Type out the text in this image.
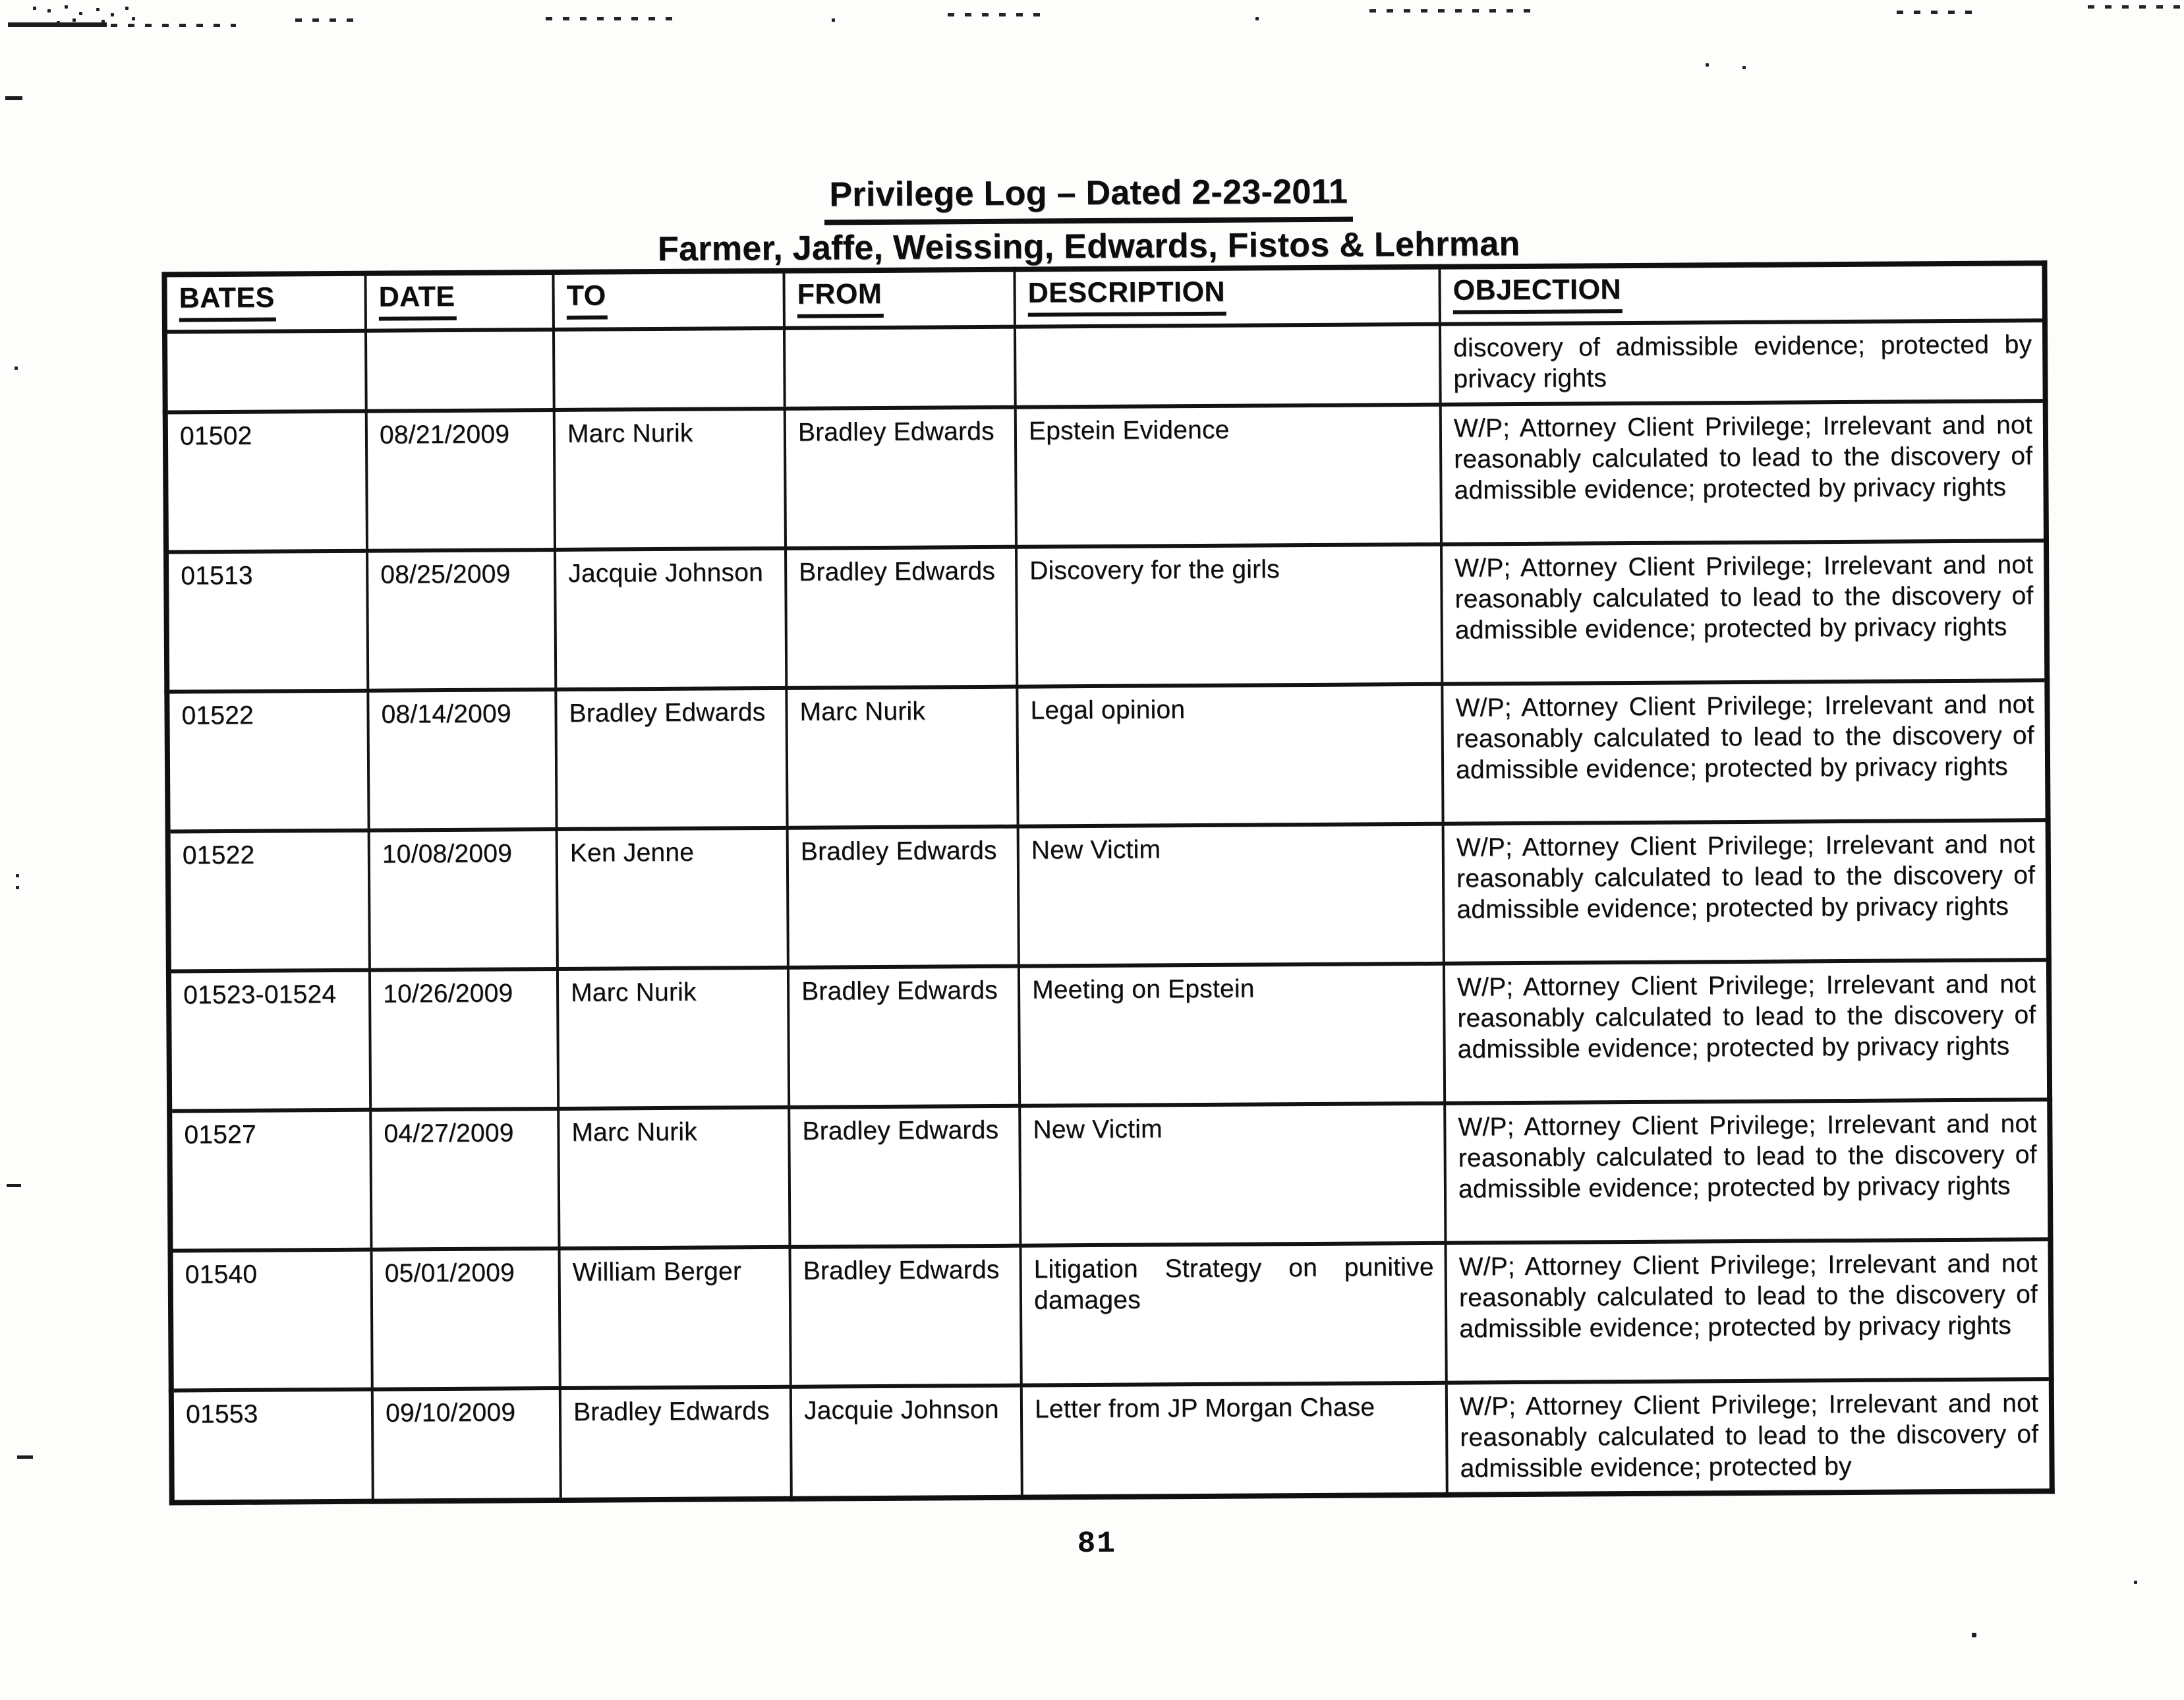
Privilege Log – Dated 2-23-2011
Farmer, Jaffe, Weissing, Edwards, Fistos & Lehrman
BATES	DATE	TO	FROM	DESCRIPTION	OBJECTION
					discovery of admissible evidence; protected by privacy rights
01502	08/21/2009	Marc Nurik	Bradley Edwards	Epstein Evidence	W/P; Attorney Client Privilege; Irrelevant and not reasonably calculated to lead to the discovery of admissible evidence; protected by privacy rights
01513	08/25/2009	Jacquie Johnson	Bradley Edwards	Discovery for the girls	W/P; Attorney Client Privilege; Irrelevant and not reasonably calculated to lead to the discovery of admissible evidence; protected by privacy rights
01522	08/14/2009	Bradley Edwards	Marc Nurik	Legal opinion	W/P; Attorney Client Privilege; Irrelevant and not reasonably calculated to lead to the discovery of admissible evidence; protected by privacy rights
01522	10/08/2009	Ken Jenne	Bradley Edwards	New Victim	W/P; Attorney Client Privilege; Irrelevant and not reasonably calculated to lead to the discovery of admissible evidence; protected by privacy rights
01523-01524	10/26/2009	Marc Nurik	Bradley Edwards	Meeting on Epstein	W/P; Attorney Client Privilege; Irrelevant and not reasonably calculated to lead to the discovery of admissible evidence; protected by privacy rights
01527	04/27/2009	Marc Nurik	Bradley Edwards	New Victim	W/P; Attorney Client Privilege; Irrelevant and not reasonably calculated to lead to the discovery of admissible evidence; protected by privacy rights
01540	05/01/2009	William Berger	Bradley Edwards	Litigation Strategy on punitive damages	W/P; Attorney Client Privilege; Irrelevant and not reasonably calculated to lead to the discovery of admissible evidence; protected by privacy rights
01553	09/10/2009	Bradley Edwards	Jacquie Johnson	Letter from JP Morgan Chase	W/P; Attorney Client Privilege; Irrelevant and not reasonably calculated to lead to the discovery of admissible evidence; protected by
81
